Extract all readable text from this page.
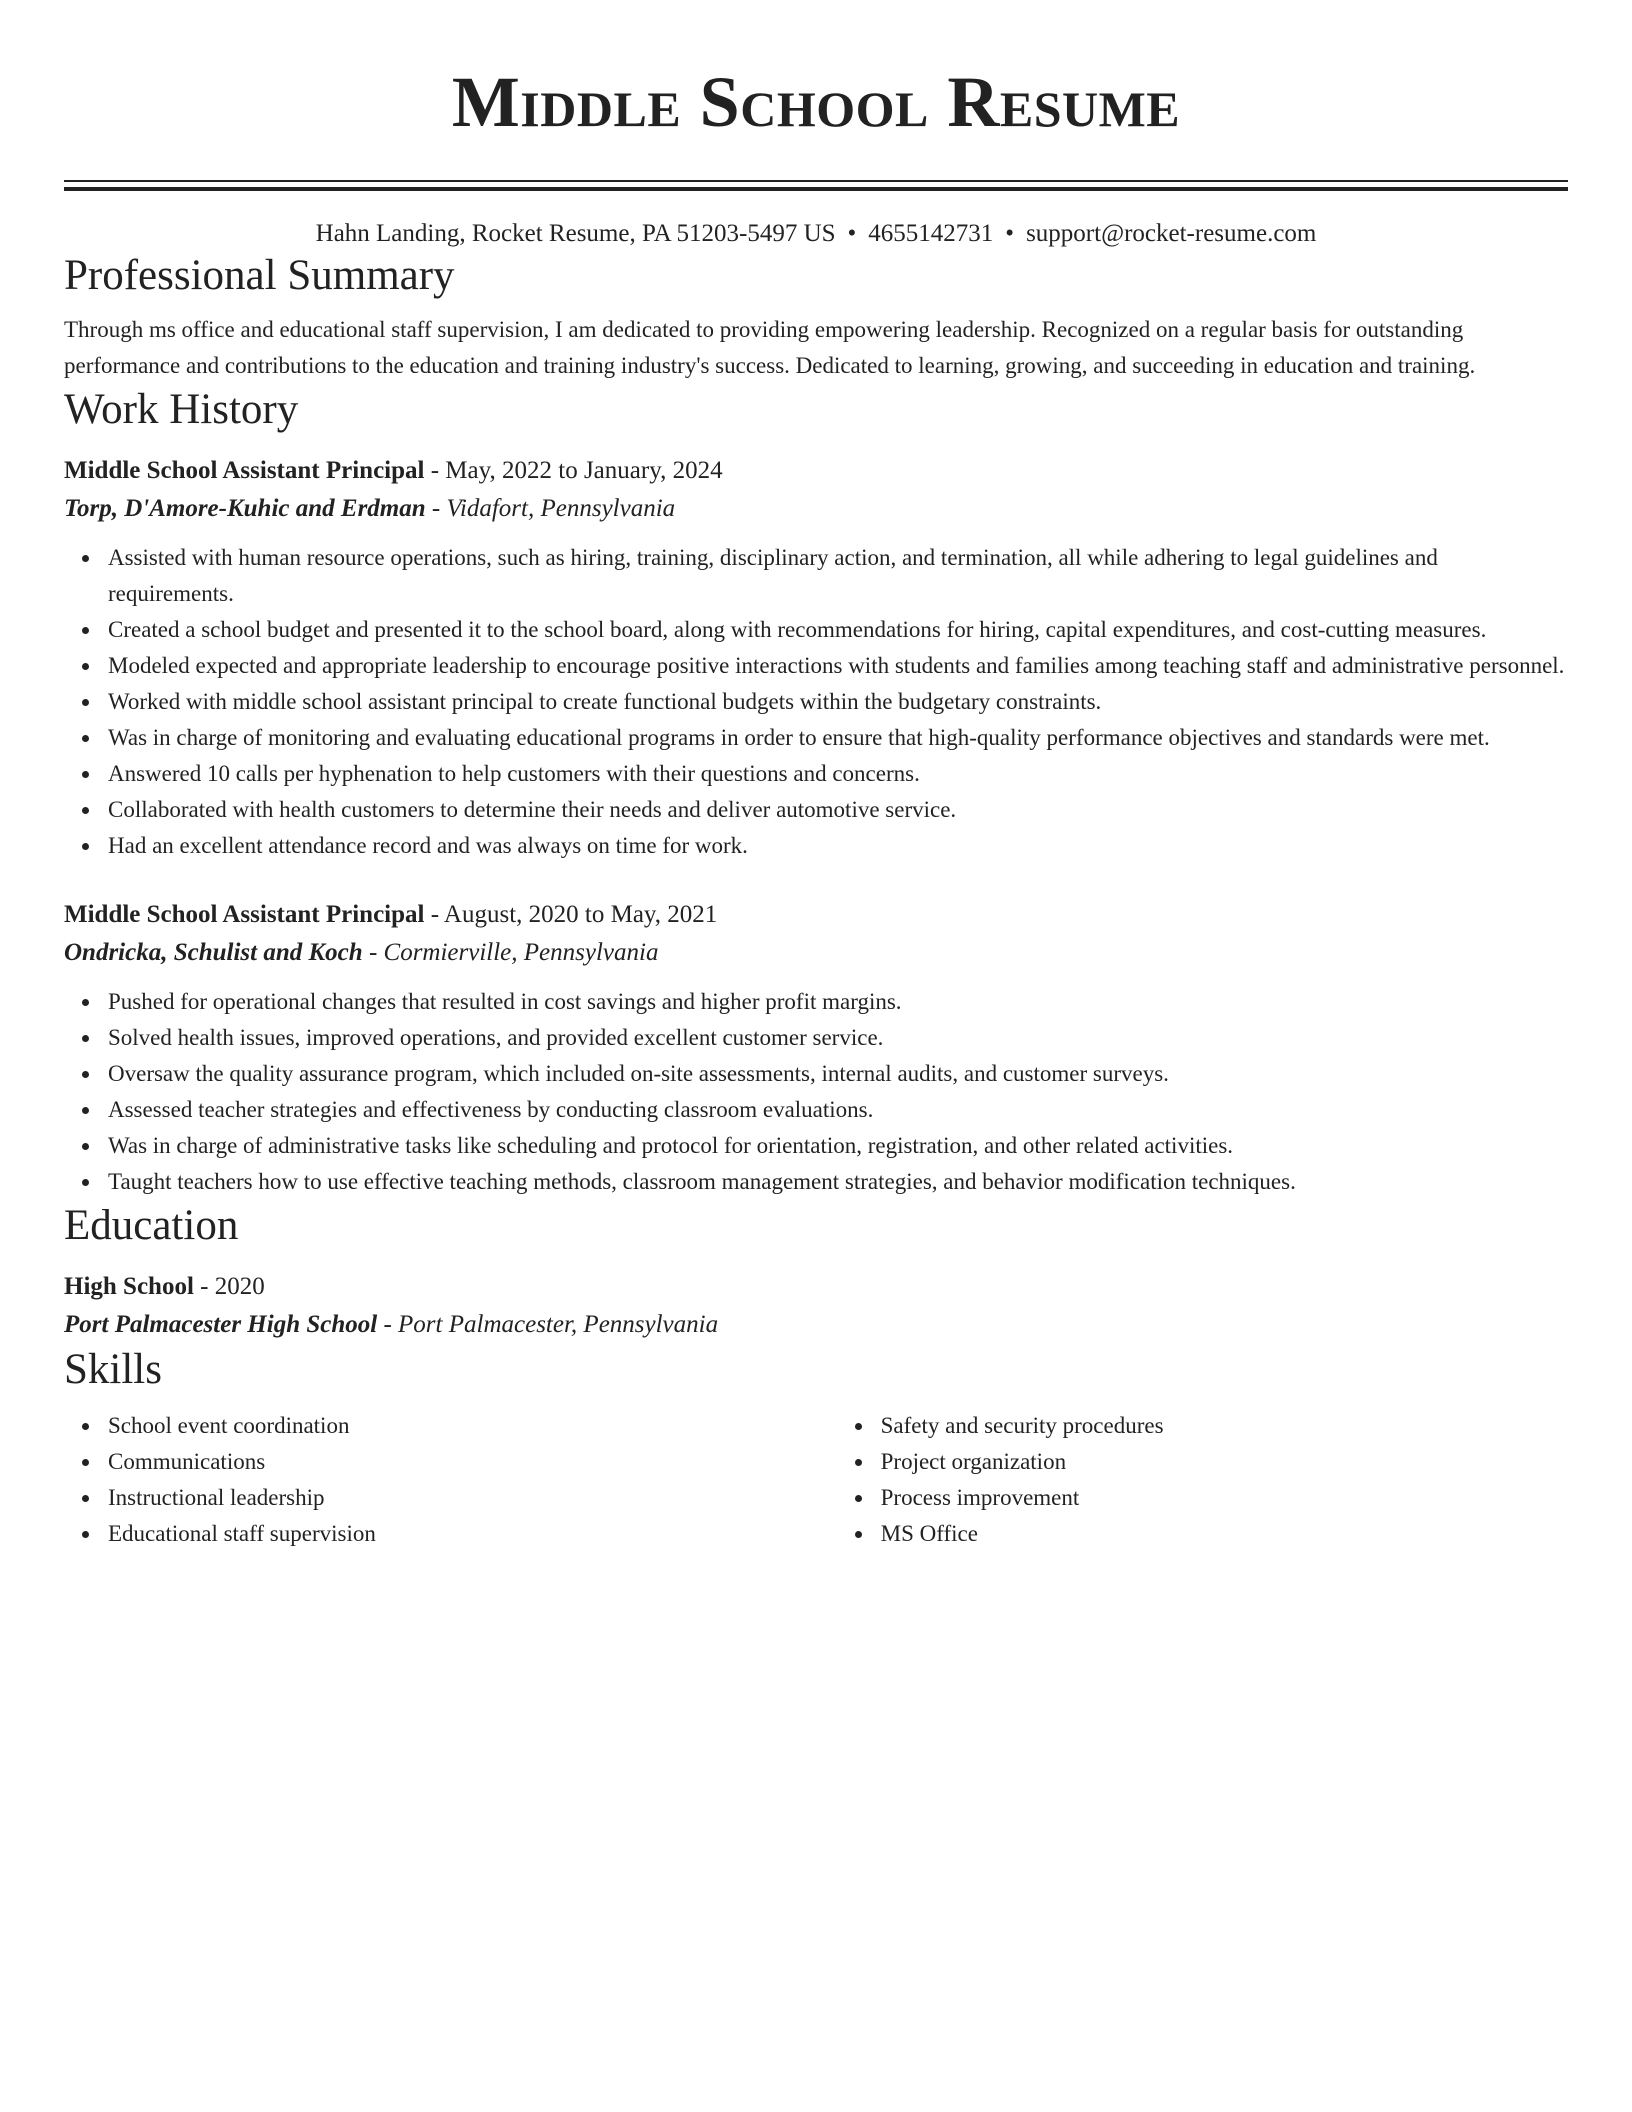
Middle School Resume
Hahn Landing, Rocket Resume, PA 51203-5497 US • 4655142731 • support@rocket-resume.com
Professional Summary

Through ms office and educational staff supervision, I am dedicated to providing empowering leadership. Recognized on a regular basis for outstanding performance and contributions to the education and training industry's success. Dedicated to learning, growing, and succeeding in education and training.

Work History
Middle School Assistant Principal - May, 2022 to January, 2024
Torp, D'Amore-Kuhic and Erdman - Vidafort, Pennsylvania
Assisted with human resource operations, such as hiring, training, disciplinary action, and termination, all while adhering to legal guidelines and requirements.
Created a school budget and presented it to the school board, along with recommendations for hiring, capital expenditures, and cost-cutting measures.
Modeled expected and appropriate leadership to encourage positive interactions with students and families among teaching staff and administrative personnel.
Worked with middle school assistant principal to create functional budgets within the budgetary constraints.
Was in charge of monitoring and evaluating educational programs in order to ensure that high-quality performance objectives and standards were met.
Answered 10 calls per hyphenation to help customers with their questions and concerns.
Collaborated with health customers to determine their needs and deliver automotive service.
Had an excellent attendance record and was always on time for work.
Middle School Assistant Principal - August, 2020 to May, 2021
Ondricka, Schulist and Koch - Cormierville, Pennsylvania
Pushed for operational changes that resulted in cost savings and higher profit margins.
Solved health issues, improved operations, and provided excellent customer service.
Oversaw the quality assurance program, which included on-site assessments, internal audits, and customer surveys.
Assessed teacher strategies and effectiveness by conducting classroom evaluations.
Was in charge of administrative tasks like scheduling and protocol for orientation, registration, and other related activities.
Taught teachers how to use effective teaching methods, classroom management strategies, and behavior modification techniques.
Education
High School - 2020
Port Palmacester High School - Port Palmacester, Pennsylvania
Skills
School event coordination
Communications
Instructional leadership
Educational staff supervision
Safety and security procedures
Project organization
Process improvement
MS Office
